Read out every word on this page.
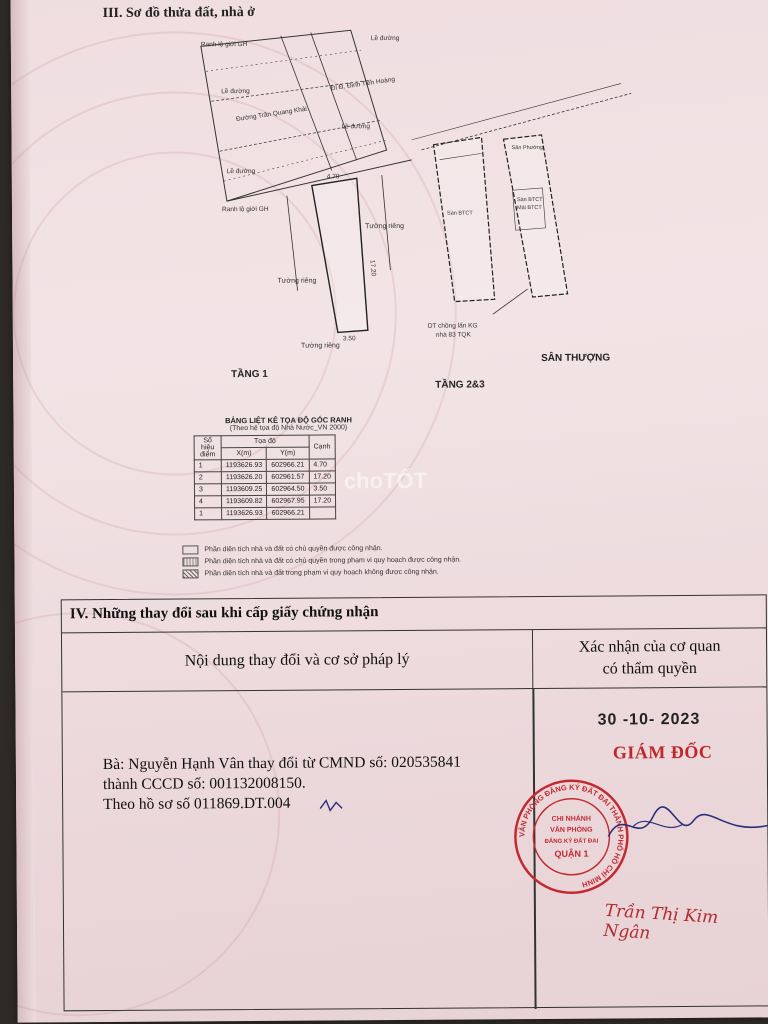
III. Sơ đồ thửa đất, nhà ở
Ranh lộ giới GH
Lề đường
Lề đường
Đường Trần Quang Khải
Đi Đ. Đinh Tiên Hoàng
Lề đường
Lề đường
Ranh lộ giới GH
4.70
17.20
3.50
Tường riêng
Tường riêng
Tường riêng
Sàn BTCT
DT chồng lấn KG
nhà 83 TQK
Sân Phường
Sàn BTCT
Mái BTCT
TẦNG 1
TẦNG 2&3
SÂN THƯỢNG
BẢNG LIỆT KÊ TỌA ĐỘ GÓC RANH
(Theo hệ tọa độ Nhà Nước_VN 2000)
Số hiệu điểm	Tọa độ		Cạnh
	X(m)	Y(m)	
1	1193626.93	602966.21	4.70
2	1193626.20	602961.57	17.20
3	1193609.25	602964.50	3.50
4	1193609.82	602967.95	17.20
1	1193626.93	602966.21	
choTỐT
Phần diện tích nhà và đất có chủ quyền được công nhận.
Phần diện tích nhà và đất có chủ quyền trong phạm vi quy hoạch được công nhận.
Phần diện tích nhà và đất trong phạm vi quy hoạch không được công nhận.
IV. Những thay đổi sau khi cấp giấy chứng nhận
Nội dung thay đổi và cơ sở pháp lý
Xác nhận của cơ quan
có thẩm quyền
Bà: Nguyễn Hạnh Vân thay đổi từ CMND số: 020535841
thành CCCD số: 001132008150.
Theo hồ sơ số 011869.DT.004
30 -10- 2023
GIÁM ĐỐC
VĂN PHÒNG ĐĂNG KÝ ĐẤT ĐAI THÀNH PHỐ HỒ CHÍ MINH
CHI NHÁNH
VĂN PHÒNG
ĐĂNG KÝ ĐẤT ĐAI
QUẬN 1
Trần Thị Kim Ngân
